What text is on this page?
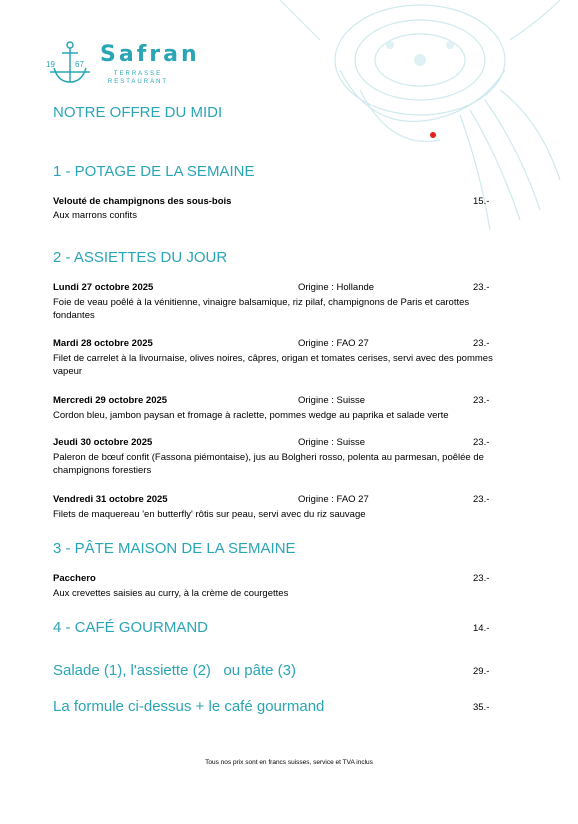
19	67 Safran
TERRASSE
RESTAURANT
NOTRE OFFRE DU MIDI
1 - POTAGE DE LA SEMAINE
Velouté de champignons des sous-bois	15.-
Aux marrons confits
2 - ASSIETTES DU JOUR
Lundi 27 octobre 2025	Origine : Hollande	23.-
Foie de veau poêlé à la vénitienne, vinaigre balsamique, riz pilaf, champignons de Paris et carottes fondantes
Mardi 28 octobre 2025	Origine : FAO 27	23.-
Filet de carrelet à la livournaise, olives noires, câpres, origan et tomates cerises, servi avec des pommes vapeur
Mercredi 29 octobre 2025	Origine : Suisse	23.-
Cordon bleu, jambon paysan et fromage à raclette, pommes wedge au paprika et salade verte
Jeudi 30 octobre 2025	Origine : Suisse	23.-
Paleron de bœuf confit (Fassona piémontaise), jus au Bolgheri rosso, polenta au parmesan, poêlée de champignons forestiers
Vendredi 31 octobre 2025	Origine : FAO 27	23.-
Filets de maquereau 'en butterfly' rôtis sur peau, servi avec du riz sauvage
3 - PÂTE MAISON DE LA SEMAINE
Pacchero	23.-
Aux crevettes saisies au curry, à la crème de courgettes
4 - CAFÉ GOURMAND	14.-
Salade (1), l'assiette (2)   ou pâte (3)	29.-
La formule ci-dessus + le café gourmand	35.-
Tous nos prix sont en francs suisses, service et TVA inclus
